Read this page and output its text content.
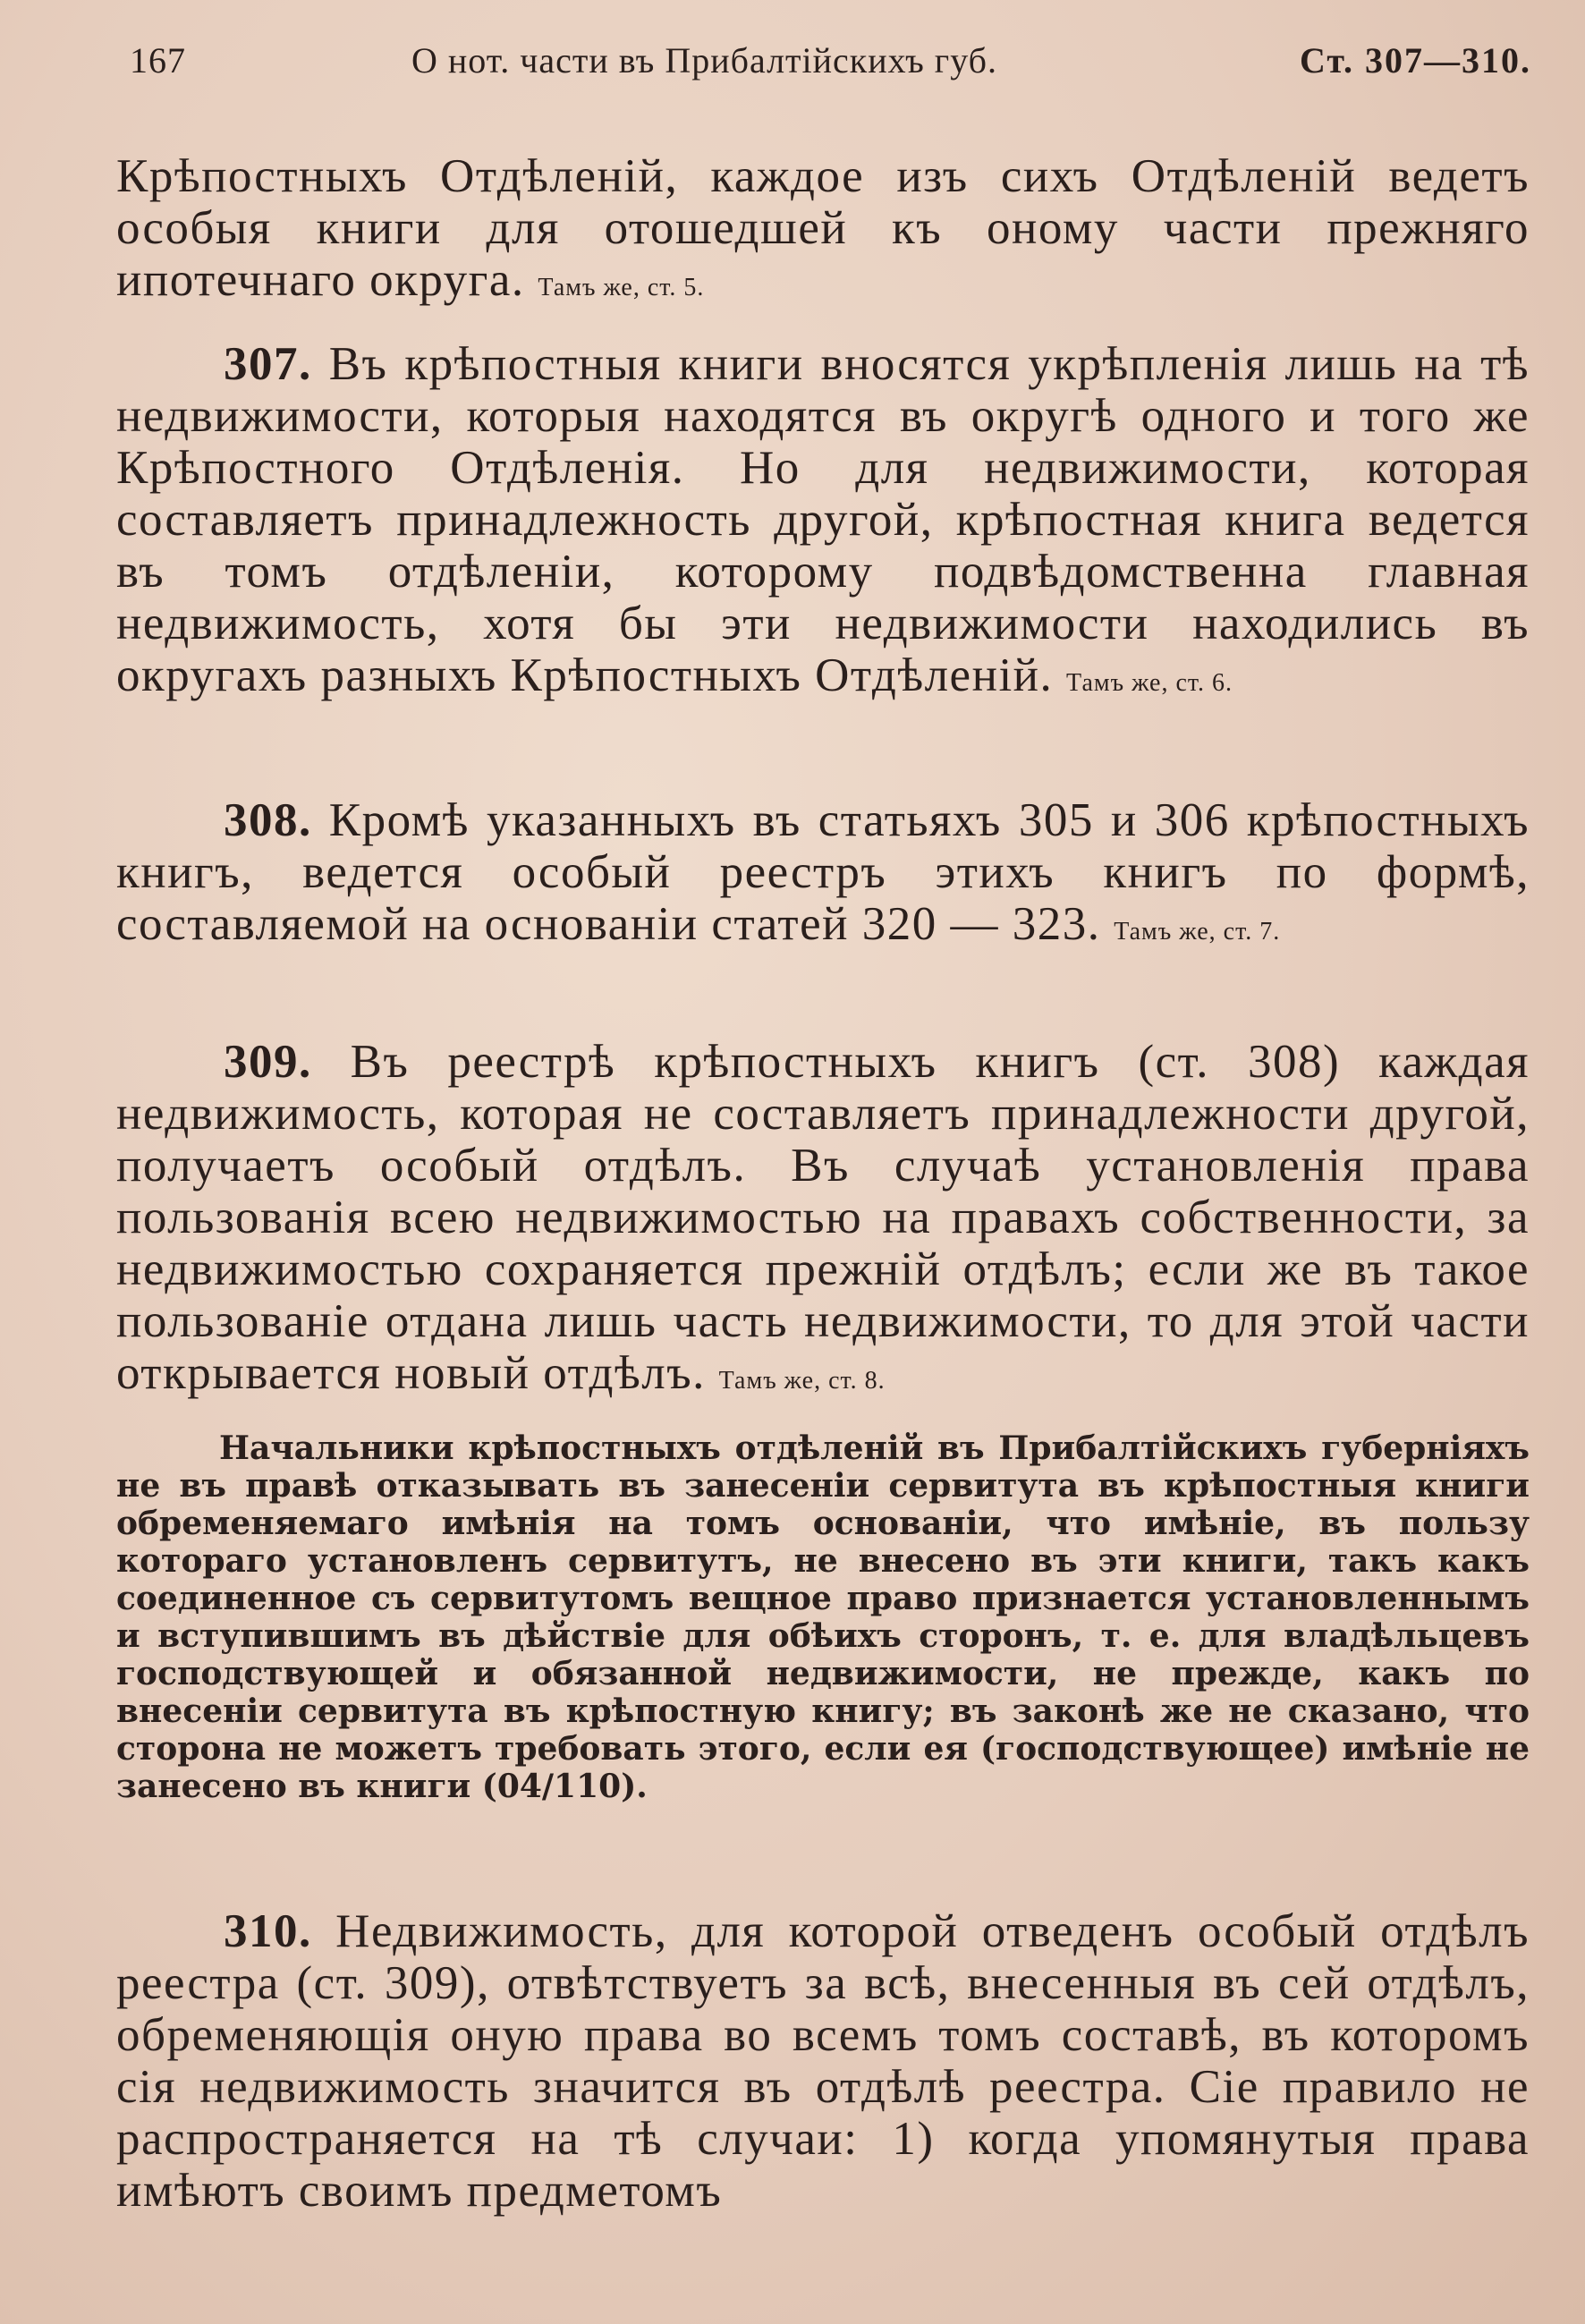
167	О нот. части въ Прибалтійскихъ губ.	Ст. 307—310.

Крѣпостныхъ Отдѣленій, каждое изъ сихъ Отдѣленій ведетъ особыя книги для отошедшей къ оному части прежняго ипотечнаго округа. Тамъ же, ст. 5.

307. Въ крѣпостныя книги вносятся укрѣпленія лишь на тѣ недвижимости, которыя находятся въ округѣ одного и того же Крѣпостного Отдѣленія. Но для недвижимости, которая составляетъ принадлежность другой, крѣпостная книга ведется въ томъ отдѣленіи, которому подвѣдомственна главная недвижимость, хотя бы эти недвижимости находились въ округахъ разныхъ Крѣпостныхъ Отдѣленій. Тамъ же, ст. 6.

308. Кромѣ указанныхъ въ статьяхъ 305 и 306 крѣпостныхъ книгъ, ведется особый реестръ этихъ книгъ по формѣ, составляемой на основаніи статей 320 — 323. Тамъ же, ст. 7.

309. Въ реестрѣ крѣпостныхъ книгъ (ст. 308) каждая недвижимость, которая не составляетъ принадлежности другой, получаетъ особый отдѣлъ. Въ случаѣ установленія права пользованія всею недвижимостью на правахъ собственности, за недвижимостью сохраняется прежній отдѣлъ; если же въ такое пользованіе отдана лишь часть недвижимости, то для этой части открывается новый отдѣлъ. Тамъ же, ст. 8.

Начальники крѣпостныхъ отдѣленій въ Прибалтійскихъ губерніяхъ не въ правѣ отказывать въ занесеніи сервитута въ крѣпостныя книги обременяемаго имѣнія на томъ основаніи, что имѣніе, въ пользу котораго установленъ сервитутъ, не внесено въ эти книги, такъ какъ соединенное съ сервитутомъ вещное право признается установленнымъ и вступившимъ въ дѣйствіе для обѣихъ сторонъ, т. е. для владѣльцевъ господствующей и обязанной недвижимости, не прежде, какъ по внесеніи сервитута въ крѣпостную книгу; въ законѣ же не сказано, что сторона не можетъ требовать этого, если ея (господствующее) имѣніе не занесено въ книги (04/110).

310. Недвижимость, для которой отведенъ особый отдѣлъ реестра (ст. 309), отвѣтствуетъ за всѣ, внесенныя въ сей отдѣлъ, обременяющія оную права во всемъ томъ составѣ, въ которомъ сія недвижимость значится въ отдѣлѣ реестра. Сіе правило не распространяется на тѣ случаи: 1) когда упомянутыя права имѣютъ своимъ предметомъ
